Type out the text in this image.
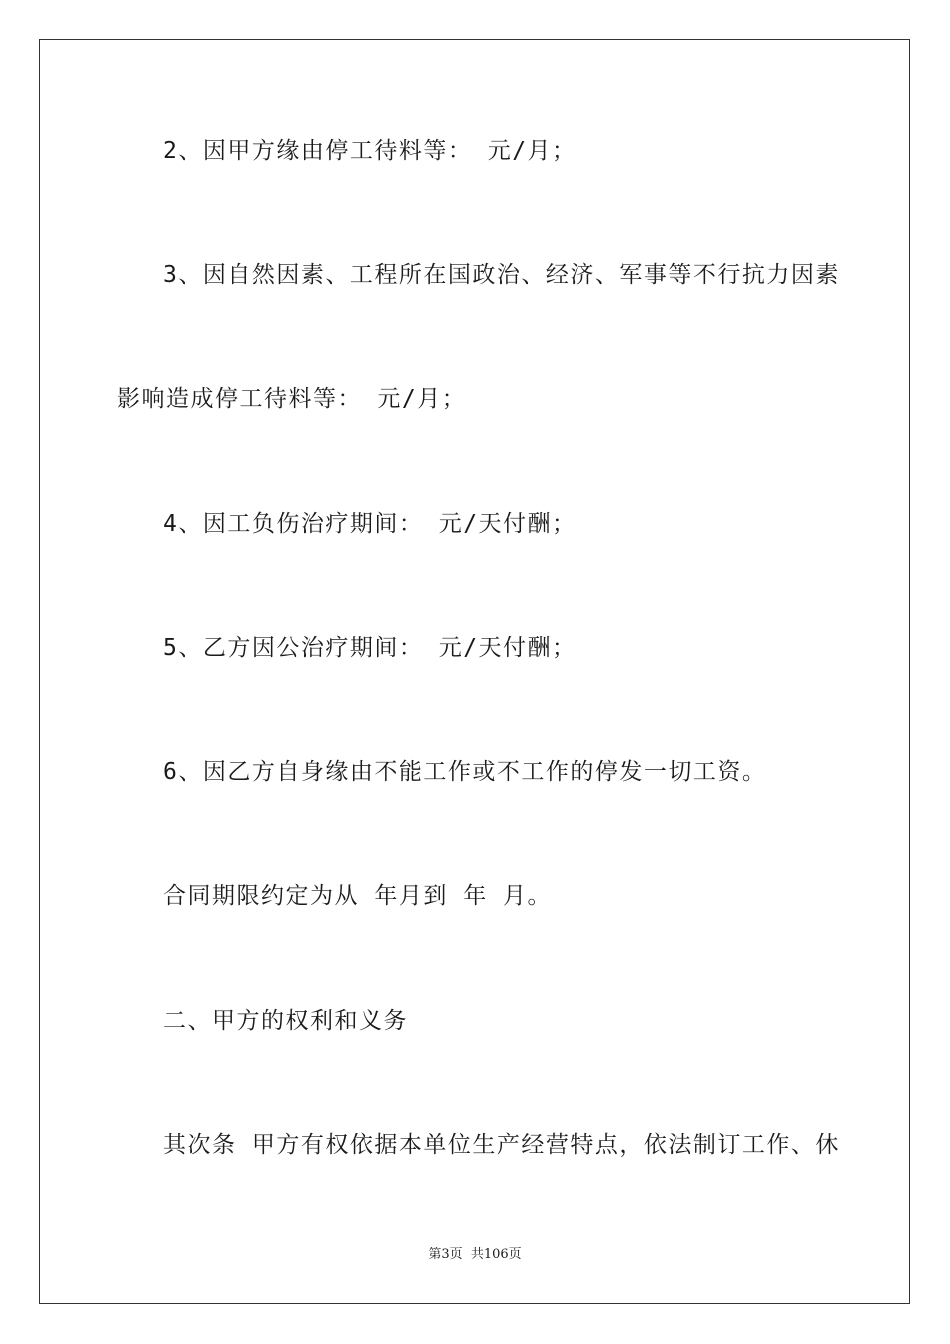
2、因甲方缘由停工待料等： 元/月；
3、因自然因素、工程所在国政治、经济、军事等不行抗力因素
影响造成停工待料等： 元/月；
4、因工负伤治疗期间： 元/天付酬；
5、乙方因公治疗期间： 元/天付酬；
6、因乙方自身缘由不能工作或不工作的停发一切工资。
合同期限约定为从 年月到 年 月。
二、甲方的权利和义务
其次条 甲方有权依据本单位生产经营特点，依法制订工作、休
第3页  共106页
